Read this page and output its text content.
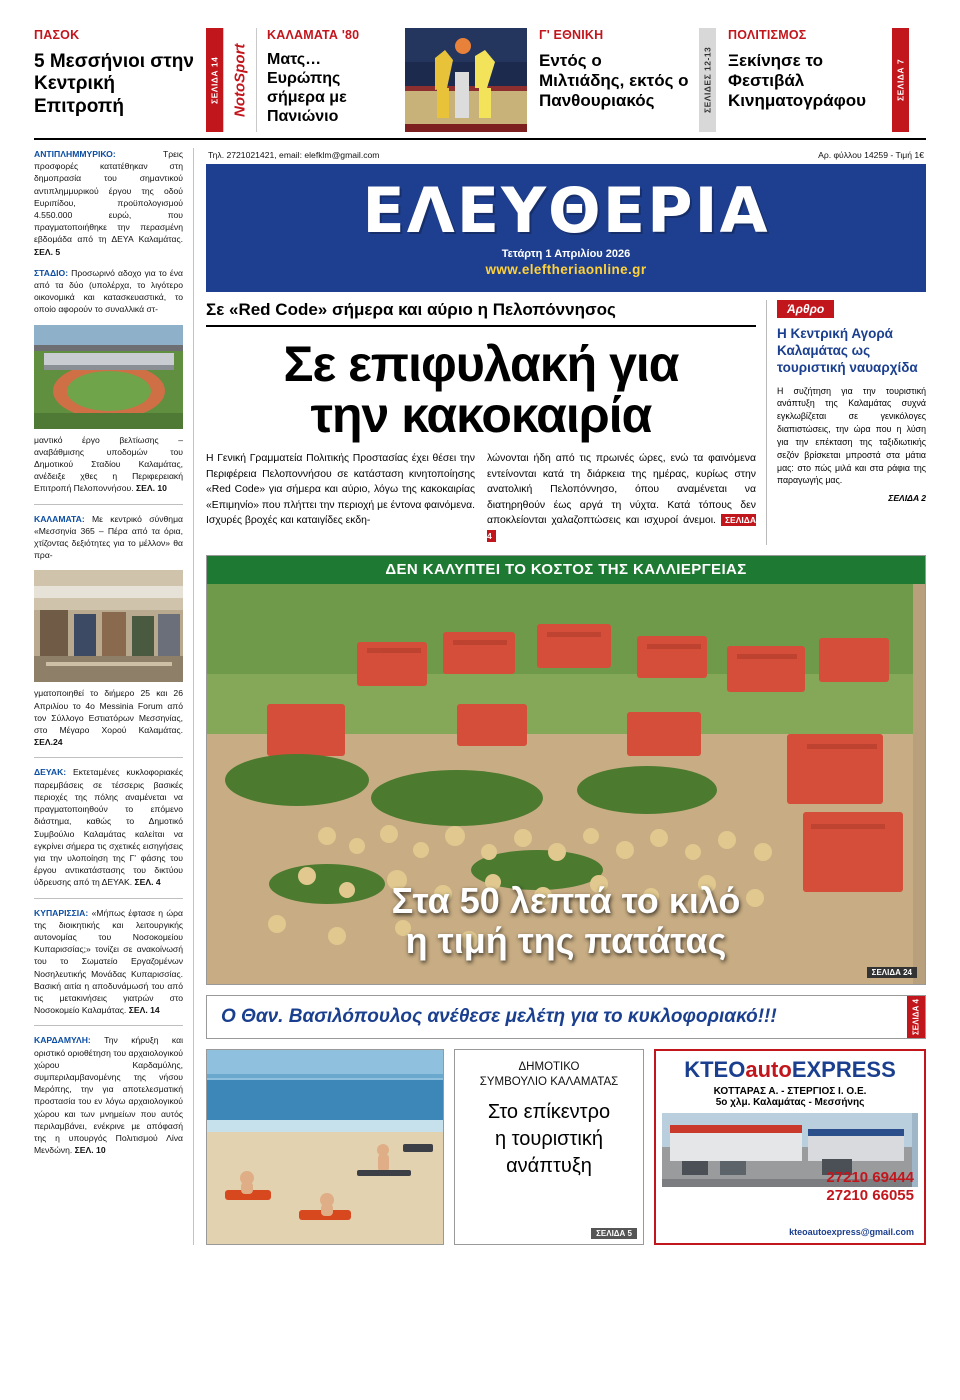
ΠΑΣΟΚ
5 Μεσσήνιοι στην Κεντρική Επιτροπή
ΣΕΛΙΔΑ 14 NotoSport
ΚΑΛΑΜΑΤΑ '80
Ματς… Ευρώπης σήμερα με Πανιώνιο
Γ' ΕΘΝΙΚΗ
Εντός ο Μιλτιάδης, εκτός ο Πανθουριακός	ΣΕΛΙΔΕΣ 12-13
ΠΟΛΙΤΙΣΜΟΣ
Ξεκίνησε το Φεστιβάλ Κινηματογράφου	ΣΕΛΙΔΑ 7
ΑΝΤΙΠΛΗΜΜΥΡΙΚΟ: Τρεις προσφορές κατατέθηκαν στη δημοπρασία του σημαντικού αντιπλημμυρικού έργου της οδού Ευριπίδου, προϋπολογισμού 4.550.000 ευρώ, που πραγματοποιήθηκε την περασμένη εβδομάδα από τη ΔΕΥΑ Καλαμάτας. ΣΕΛ. 5
ΣΤΑΔΙΟ: Προσωρινό αδοχο για το ένα από τα δύο (υπολέρχα, το λιγότερο οικονομικά και κατασκευαστικά, το οποίο αφορούν το συναλλικά στ-
μαντικό έργο βελτίωσης – αναβάθμισης υποδομών του Δημοτικού Σταδίου Καλαμάτας, ανέδειξε χθες η Περιφερειακή Επιτροπή Πελοποννήσου. ΣΕΛ. 10
ΚΑΛΑΜΑΤΑ: Με κεντρικό σύνθημα «Μεσσηνία 365 – Πέρα από τα όρια, χτίζοντας δεξιότητες για το μέλλον» θα πρα-
γματοποιηθεί το διήμερο 25 και 26 Απριλίου το 4ο Messinia Forum από τον Σύλλογο Εστιατόρων Μεσσηνίας, στο Μέγαρο Χορού Καλαμάτας. ΣΕΛ.24
ΔΕΥΑΚ: Εκτεταμένες κυκλοφοριακές παρεμβάσεις σε τέσσερις βασικές περιοχές της πόλης αναμένεται να πραγματοποιηθούν το επόμενο διάστημα, καθώς το Δημοτικό Συμβούλιο Καλαμάτας καλείται να εγκρίνει σήμερα τις σχετικές εισηγήσεις για την υλοποίηση της Γ' φάσης του έργου αντικατάστασης του δικτύου ύδρευσης από τη ΔΕΥΑΚ. ΣΕΛ. 4
ΚΥΠΑΡΙΣΣΙΑ: «Μήπως έφτασε η ώρα της διοικητικής και λειτουργικής αυτονομίας του Νοσοκομείου Κυπαρισσίας;» τονίζει σε ανακοίνωσή του το Σωματείο Εργαζομένων Νοσηλευτικής Μονάδας Κυπαρισσίας. Βασική αιτία η αποδυνάμωσή του από τις μετακινήσεις γιατρών στο Νοσοκομείο Καλαμάτας. ΣΕΛ. 14
ΚΑΡΔΑΜΥΛΗ: Την κήρυξη και οριστικό οριοθέτηση του αρχαιολογικού χώρου Καρδαμύλης, συμπεριλαμβανομένης της νήσου Μερόπης, την για αποτελεσματική προστασία του εν λόγω αρχαιολογικού χώρου και των μνημείων που αυτός περιλαμβάνει, ενέκρινε με απόφασή της η υπουργός Πολιτισμού Λίνα Μενδώνη. ΣΕΛ. 10
Τηλ. 2721021421, email: elefklm@gmail.com	Αρ. φύλλου 14259 - Τιμή 1€
ΕΛΕΥΘΕΡΙΑ
Τετάρτη 1 Απριλίου 2026
www.eleftheriaonline.gr
Σε «Red Code» σήμερα και αύριο η Πελοπόννησος
Σε επιφυλακή για
την κακοκαιρία
Η Γενική Γραμματεία Πολιτικής Προστασίας έχει θέσει την Περιφέρεια Πελοποννήσου σε κατάσταση κινητοποίησης «Red Code» για σήμερα και αύριο, λόγω της κακοκαιρίας «Επιμηνίο» που πλήττει την περιοχή με έντονα φαινόμενα. Ισχυρές βροχές και καταιγίδες εκδη-
λώνονται ήδη από τις πρωινές ώρες, ενώ τα φαινόμενα εντείνονται κατά τη διάρκεια της ημέρας, κυρίως στην ανατολική Πελοπόννησο, όπου αναμένεται να διατηρηθούν έως αργά τη νύχτα. Κατά τόπους δεν αποκλείονται χαλαζοπτώσεις και ισχυροί άνεμοι. ΣΕΛΙΔΑ 4
Άρθρο
Η Κεντρική Αγορά Καλαμάτας ως τουριστική ναυαρχίδα
Η συζήτηση για την τουριστική ανάπτυξη της Καλαμάτας συχνά εγκλωβίζεται σε γενικόλογες διαπιστώσεις, την ώρα που η λύση για την επέκταση της ταξιδιωτικής σεζόν βρίσκεται μπροστά στα μάτια μας: στο πώς μιλά και στα ράφια της παραγωγής μας.
ΣΕΛΙΔΑ 2
ΔΕΝ ΚΑΛΥΠΤΕΙ ΤΟ ΚΟΣΤΟΣ ΤΗΣ ΚΑΛΛΙΕΡΓΕΙΑΣ
Στα 50 λεπτά το κιλό
η τιμή της πατάτας
ΣΕΛΙΔΑ 24
Ο Θαν. Βασιλόπουλος ανέθεσε μελέτη για το κυκλοφοριακό!!!	ΣΕΛΙΔΑ 4
ΔΗΜΟΤΙΚΟ
ΣΥΜΒΟΥΛΙΟ ΚΑΛΑΜΑΤΑΣ
Στο επίκεντρο
η τουριστική
ανάπτυξη
ΣΕΛΙΔΑ 5
KTEOautoEXPRESS
ΚΟΤΤΑΡΑΣ Α. - ΣΤΕΡΓΙΟΣ Ι. Ο.Ε.
5ο χλμ. Καλαμάτας - Μεσσήνης
27210 69444
27210 66055
kteoautoexpress@gmail.com
